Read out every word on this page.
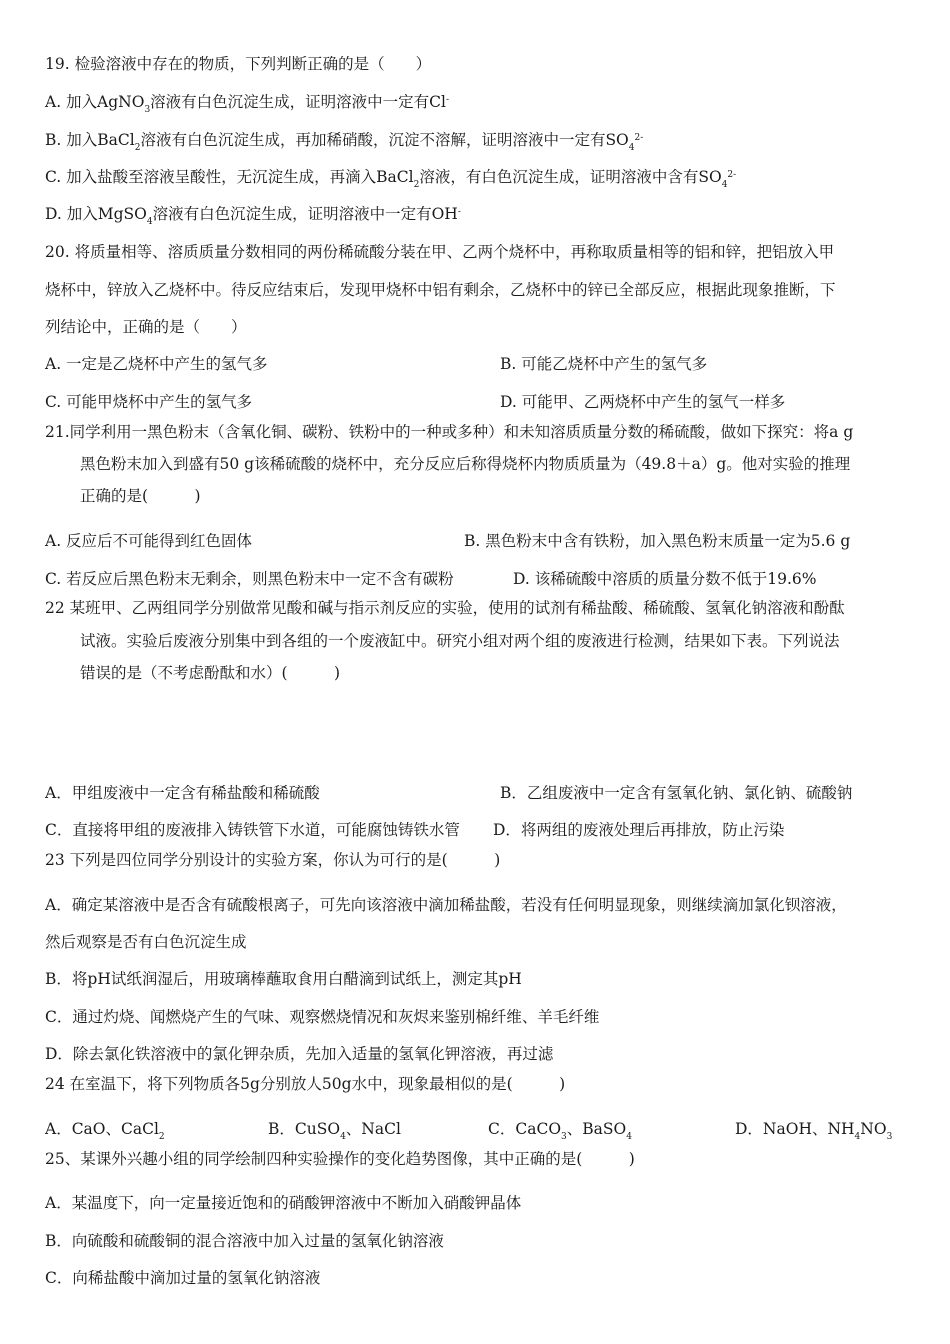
19. 检验溶液中存在的物质，下列判断正确的是（　　）
A. 加入AgNO$_3$溶液有白色沉淀生成，证明溶液中一定有Cl-
B. 加入BaCl$_2$溶液有白色沉淀生成，再加稀硝酸，沉淀不溶解，证明溶液中一定有$SO_4^{2-}$
C. 加入盐酸至溶液呈酸性，无沉淀生成，再滴入BaCl$_2$溶液，有白色沉淀生成，证明溶液中含有$SO_4^{2-}$
D. 加入MgSO$_4$溶液有白色沉淀生成，证明溶液中一定有OH-
20. 将质量相等、溶质质量分数相同的两份稀硫酸分装在甲、乙两个烧杯中，再称取质量相等的铝和锌，把铝放入甲
烧杯中，锌放入乙烧杯中。待反应结束后，发现甲烧杯中铝有剩余，乙烧杯中的锌已全部反应，根据此现象推断，下
列结论中，正确的是（　　）
A. 一定是乙烧杯中产生的氢气多	B. 可能乙烧杯中产生的氢气多
C. 可能甲烧杯中产生的氢气多	D. 可能甲、乙两烧杯中产生的氢气一样多
21.同学利用一黑色粉末（含氧化铜、碳粉、铁粉中的一种或多种）和未知溶质质量分数的稀硫酸，做如下探究：将a g
黑色粉末加入到盛有50 g该稀硫酸的烧杯中，充分反应后称得烧杯内物质质量为（49.8＋a）g。他对实验的推理
正确的是(　　　)
A. 反应后不可能得到红色固体	B. 黑色粉末中含有铁粉，加入黑色粉末质量一定为5.6 g
C. 若反应后黑色粉末无剩余，则黑色粉末中一定不含有碳粉	D. 该稀硫酸中溶质的质量分数不低于19.6%
22 某班甲、乙两组同学分别做常见酸和碱与指示剂反应的实验，使用的试剂有稀盐酸、稀硫酸、氢氧化钠溶液和酚酞
试液。实验后废液分别集中到各组的一个废液缸中。研究小组对两个组的废液进行检测，结果如下表。下列说法
错误的是（不考虑酚酞和水）(　　　)
A．甲组废液中一定含有稀盐酸和稀硫酸	B．乙组废液中一定含有氢氧化钠、氯化钠、硫酸钠
C．直接将甲组的废液排入铸铁管下水道，可能腐蚀铸铁水管 D．将两组的废液处理后再排放，防止污染
23 下列是四位同学分别设计的实验方案，你认为可行的是(　　　)
A．确定某溶液中是否含有硫酸根离子，可先向该溶液中滴加稀盐酸，若没有任何明显现象，则继续滴加氯化钡溶液，
然后观察是否有白色沉淀生成
B．将pH试纸润湿后，用玻璃棒蘸取食用白醋滴到试纸上，测定其pH
C．通过灼烧、闻燃烧产生的气味、观察燃烧情况和灰烬来鉴别棉纤维、羊毛纤维
D．除去氯化铁溶液中的氯化钾杂质，先加入适量的氢氧化钾溶液，再过滤
24 在室温下，将下列物质各5g分别放人50g水中，现象最相似的是(　　　)
A．CaO、CaCl$_2$	B．CuSO$_4$、NaCl	C．CaCO$_3$、BaSO$_4$	D．NaOH、$NH_4NO_3$
25、某课外兴趣小组的同学绘制四种实验操作的变化趋势图像，其中正确的是(　　　)
A．某温度下，向一定量接近饱和的硝酸钾溶液中不断加入硝酸钾晶体
B．向硫酸和硫酸铜的混合溶液中加入过量的氢氧化钠溶液
C．向稀盐酸中滴加过量的氢氧化钠溶液
